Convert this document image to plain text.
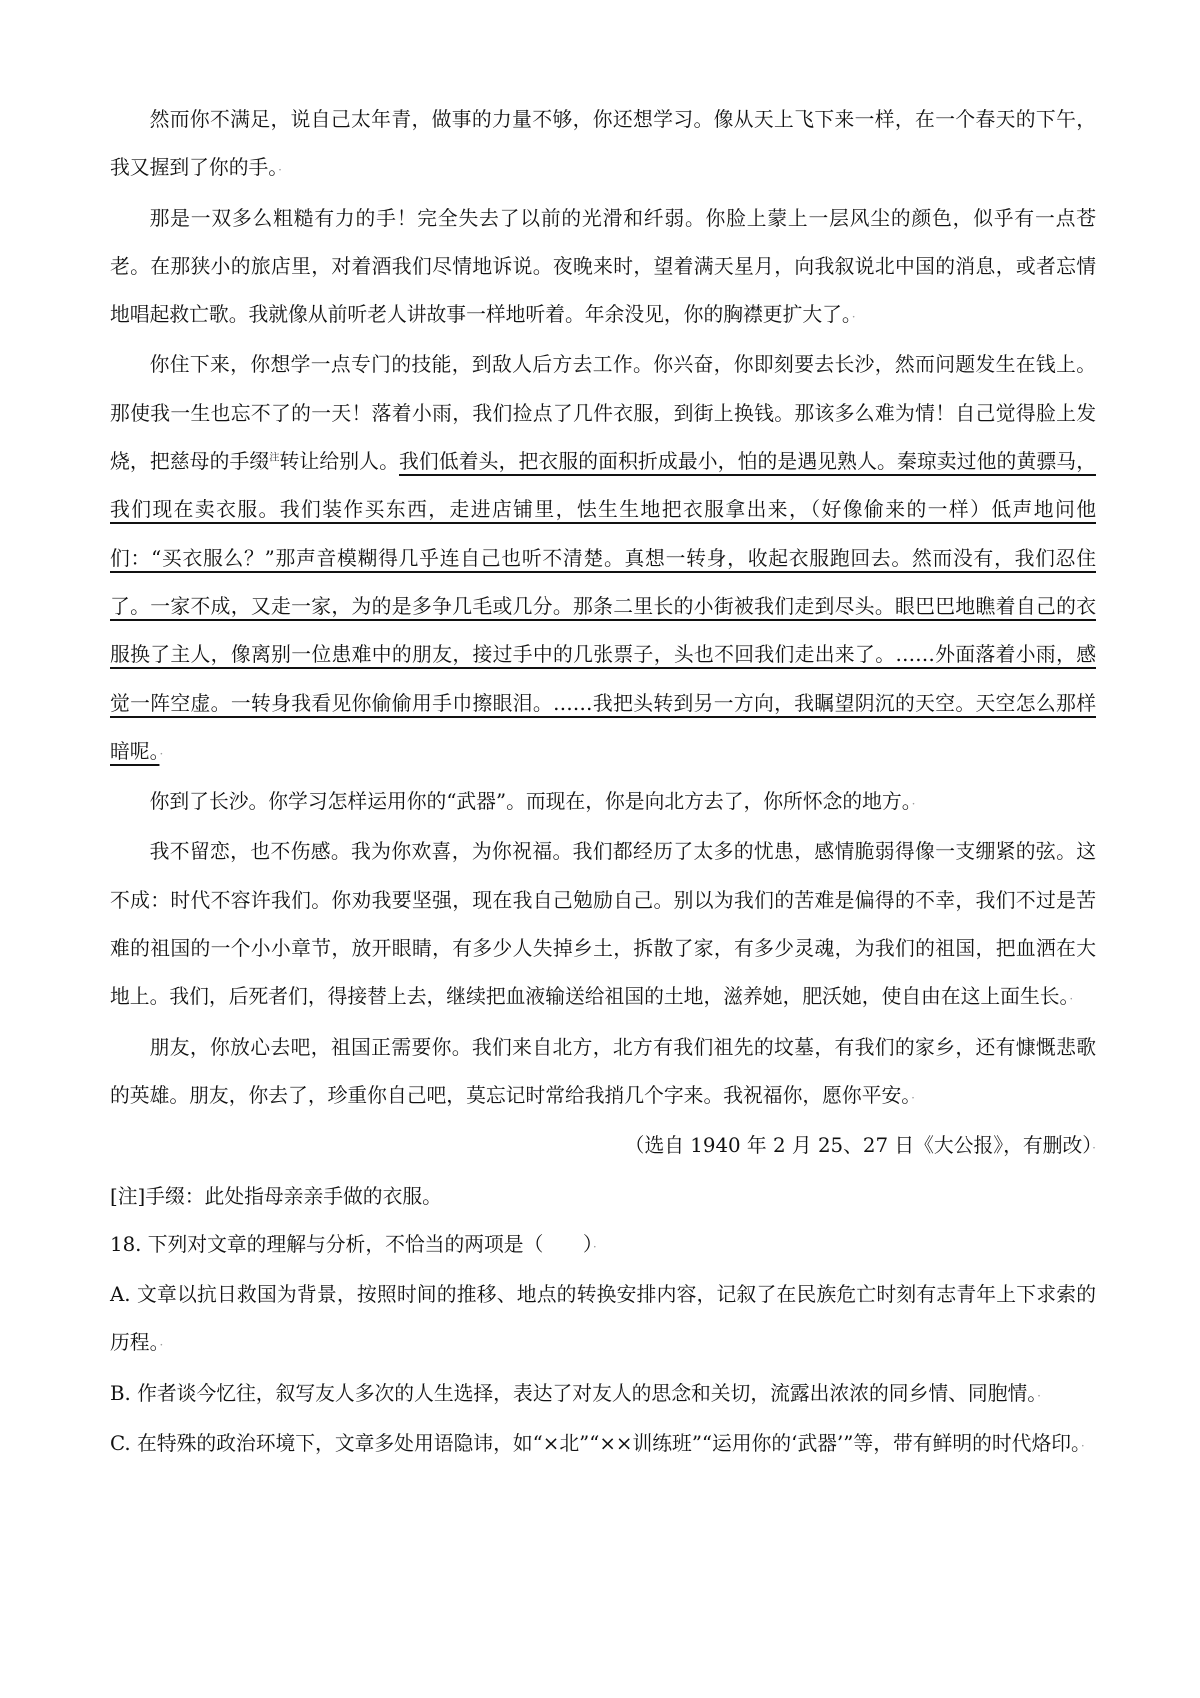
然而你不满足，说自己太年青，做事的力量不够，你还想学习。像从天上飞下来一样，在一个春天的下午，我又握到了你的手。·

那是一双多么粗糙有力的手！完全失去了以前的光滑和纤弱。你脸上蒙上一层风尘的颜色，似乎有一点苍老。在那狭小的旅店里，对着酒我们尽情地诉说。夜晚来时，望着满天星月，向我叙说北中国的消息，或者忘情地唱起救亡歌。我就像从前听老人讲故事一样地听着。年余没见，你的胸襟更扩大了。·

你住下来，你想学一点专门的技能，到敌人后方去工作。你兴奋，你即刻要去长沙，然而问题发生在钱上。那使我一生也忘不了的一天！落着小雨，我们捡点了几件衣服，到街上换钱。那该多么难为情！自己觉得脸上发烧，把慈母的手缀$^注$转让给别人。我们低着头，把衣服的面积折成最小，怕的是遇见熟人。秦琼卖过他的黄骠马，我们现在卖衣服。我们装作买东西，走进店铺里，怯生生地把衣服拿出来，（好像偷来的一样）低声地问他们：“买衣服么？”那声音模糊得几乎连自己也听不清楚。真想一转身，收起衣服跑回去。然而没有，我们忍住了。一家不成，又走一家，为的是多争几毛或几分。那条二里长的小街被我们走到尽头。眼巴巴地瞧着自己的衣服换了主人，像离别一位患难中的朋友，接过手中的几张票子，头也不回我们走出来了。……外面落着小雨，感觉一阵空虚。一转身我看见你偷偷用手巾擦眼泪。……我把头转到另一方向，我瞩望阴沉的天空。天空怎么那样暗呢。·

你到了长沙。你学习怎样运用你的“武器”。而现在，你是向北方去了，你所怀念的地方。·

我不留恋，也不伤感。我为你欢喜，为你祝福。我们都经历了太多的忧患，感情脆弱得像一支绷紧的弦。这不成：时代不容许我们。你劝我要坚强，现在我自己勉励自己。别以为我们的苦难是偏得的不幸，我们不过是苦难的祖国的一个小小章节，放开眼睛，有多少人失掉乡土，拆散了家，有多少灵魂，为我们的祖国，把血洒在大地上。我们，后死者们，得接替上去，继续把血液输送给祖国的土地，滋养她，肥沃她，使自由在这上面生长。·

朋友，你放心去吧，祖国正需要你。我们来自北方，北方有我们祖先的坟墓，有我们的家乡，还有慷慨悲歌的英雄。朋友，你去了，珍重你自己吧，莫忘记时常给我捎几个字来。我祝福你，愿你平安。·

（选自 1940 年 2 月 25、27 日《大公报》，有删改）·

[注]手缀：此处指母亲亲手做的衣服。

18. 下列对文章的理解与分析，不恰当的两项是（　　）·

A. 文章以抗日救国为背景，按照时间的推移、地点的转换安排内容，记叙了在民族危亡时刻有志青年上下求索的历程。·

B. 作者谈今忆往，叙写友人多次的人生选择，表达了对友人的思念和关切，流露出浓浓的同乡情、同胞情。·

C. 在特殊的政治环境下，文章多处用语隐讳，如“×北”“××训练班”“运用你的‘武器’”等，带有鲜明的时代烙印。·
